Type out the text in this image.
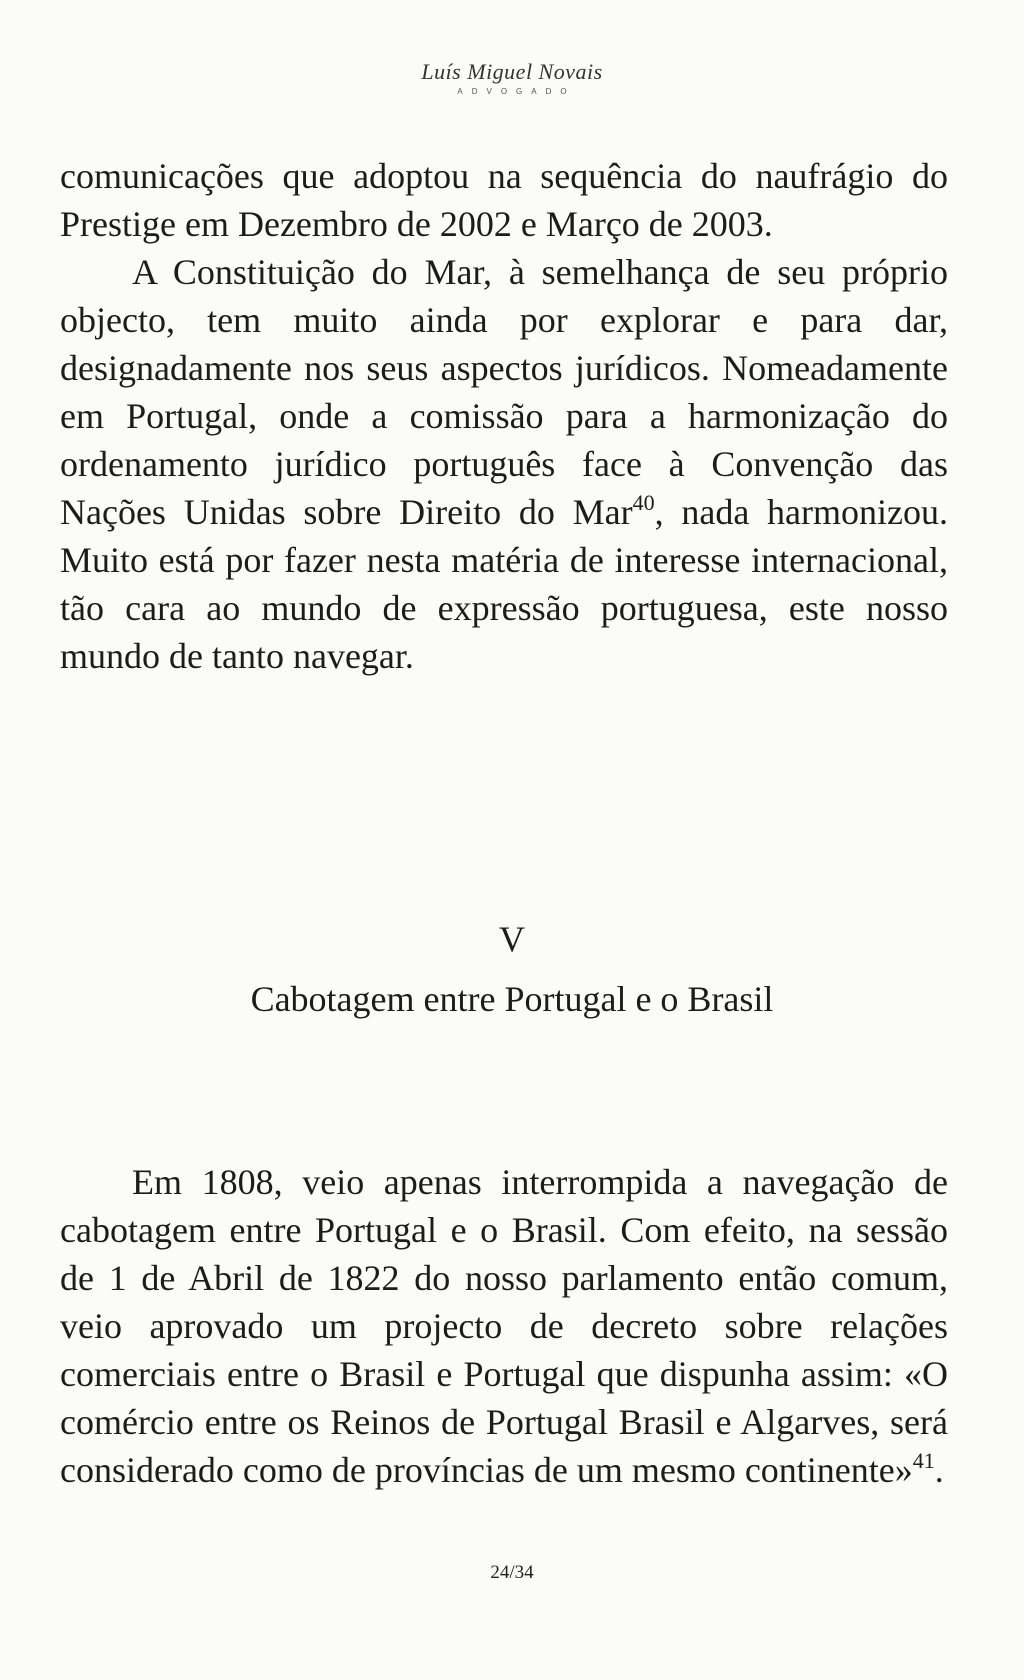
Luís Miguel Novais
ADVOGADO

comunicações que adoptou na sequência do naufrágio do Prestige em Dezembro de 2002 e Março de 2003.

A Constituição do Mar, à semelhança de seu próprio objecto, tem muito ainda por explorar e para dar, designadamente nos seus aspectos jurídicos. Nomeadamente em Portugal, onde a comissão para a harmonização do ordenamento jurídico português face à Convenção das Nações Unidas sobre Direito do Mar$^{40}$, nada harmonizou. Muito está por fazer nesta matéria de interesse internacional, tão cara ao mundo de expressão portuguesa, este nosso mundo de tanto navegar.

V
Cabotagem entre Portugal e o Brasil

Em 1808, veio apenas interrompida a navegação de cabotagem entre Portugal e o Brasil. Com efeito, na sessão de 1 de Abril de 1822 do nosso parlamento então comum, veio aprovado um projecto de decreto sobre relações comerciais entre o Brasil e Portugal que dispunha assim: «O comércio entre os Reinos de Portugal Brasil e Algarves, será considerado como de províncias de um mesmo continente»$^{41}$.

24/34
